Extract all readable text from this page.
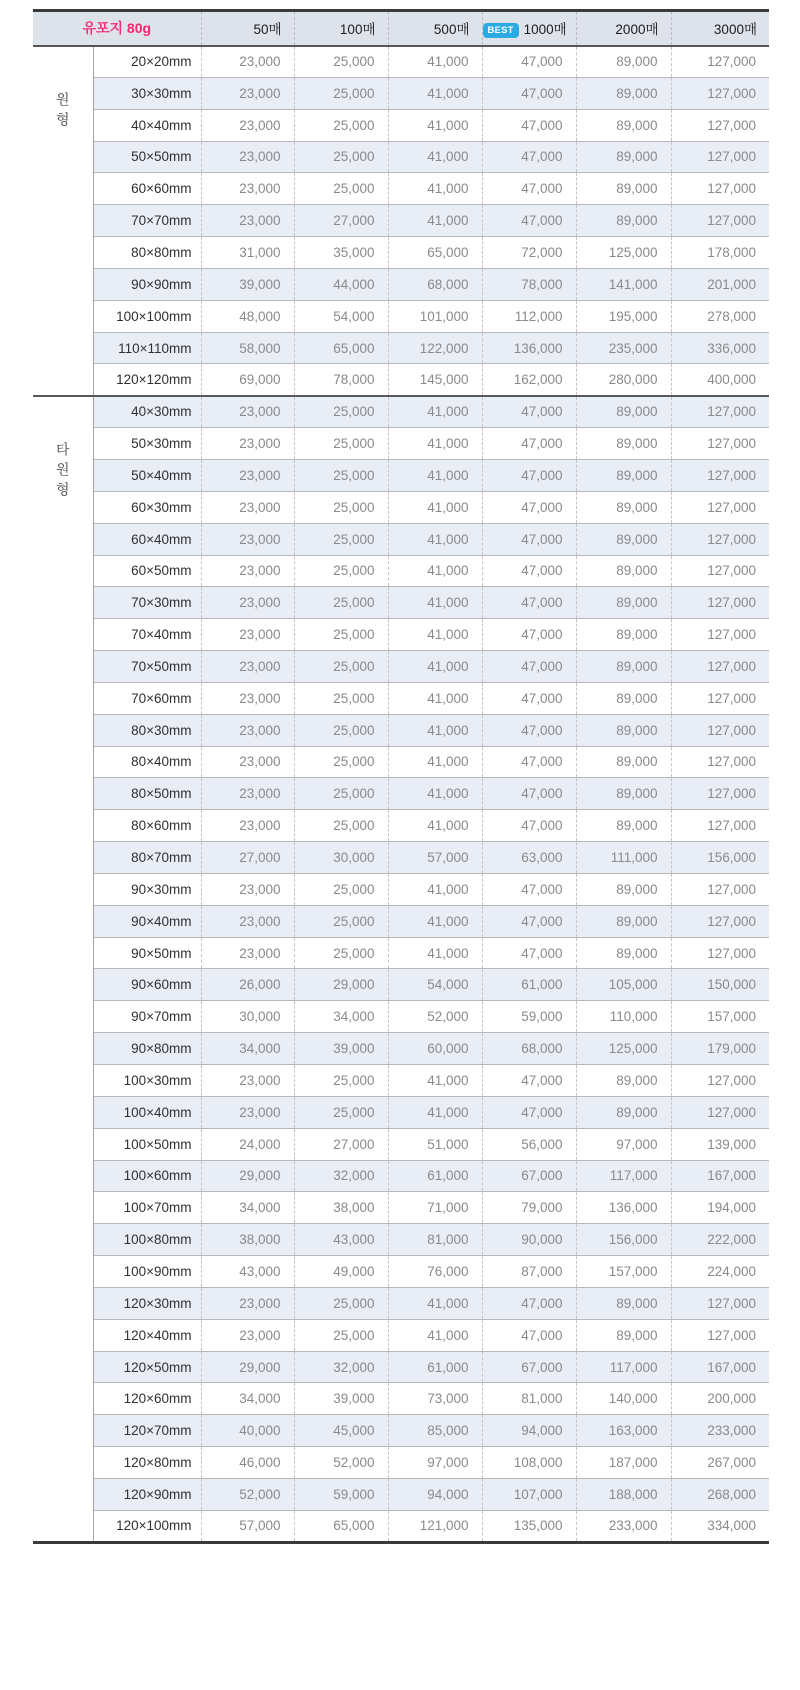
유포지 80g		50매	100매	500매	BEST 1000매	2000매	3000매
원형	20×20mm	23,000	25,000	41,000	47,000	89,000	127,000
	30×30mm	23,000	25,000	41,000	47,000	89,000	127,000
	40×40mm	23,000	25,000	41,000	47,000	89,000	127,000
	50×50mm	23,000	25,000	41,000	47,000	89,000	127,000
	60×60mm	23,000	25,000	41,000	47,000	89,000	127,000
	70×70mm	23,000	27,000	41,000	47,000	89,000	127,000
	80×80mm	31,000	35,000	65,000	72,000	125,000	178,000
	90×90mm	39,000	44,000	68,000	78,000	141,000	201,000
	100×100mm	48,000	54,000	101,000	112,000	195,000	278,000
	110×110mm	58,000	65,000	122,000	136,000	235,000	336,000
	120×120mm	69,000	78,000	145,000	162,000	280,000	400,000
타원형	40×30mm	23,000	25,000	41,000	47,000	89,000	127,000
	50×30mm	23,000	25,000	41,000	47,000	89,000	127,000
	50×40mm	23,000	25,000	41,000	47,000	89,000	127,000
	60×30mm	23,000	25,000	41,000	47,000	89,000	127,000
	60×40mm	23,000	25,000	41,000	47,000	89,000	127,000
	60×50mm	23,000	25,000	41,000	47,000	89,000	127,000
	70×30mm	23,000	25,000	41,000	47,000	89,000	127,000
	70×40mm	23,000	25,000	41,000	47,000	89,000	127,000
	70×50mm	23,000	25,000	41,000	47,000	89,000	127,000
	70×60mm	23,000	25,000	41,000	47,000	89,000	127,000
	80×30mm	23,000	25,000	41,000	47,000	89,000	127,000
	80×40mm	23,000	25,000	41,000	47,000	89,000	127,000
	80×50mm	23,000	25,000	41,000	47,000	89,000	127,000
	80×60mm	23,000	25,000	41,000	47,000	89,000	127,000
	80×70mm	27,000	30,000	57,000	63,000	111,000	156,000
	90×30mm	23,000	25,000	41,000	47,000	89,000	127,000
	90×40mm	23,000	25,000	41,000	47,000	89,000	127,000
	90×50mm	23,000	25,000	41,000	47,000	89,000	127,000
	90×60mm	26,000	29,000	54,000	61,000	105,000	150,000
	90×70mm	30,000	34,000	52,000	59,000	110,000	157,000
	90×80mm	34,000	39,000	60,000	68,000	125,000	179,000
	100×30mm	23,000	25,000	41,000	47,000	89,000	127,000
	100×40mm	23,000	25,000	41,000	47,000	89,000	127,000
	100×50mm	24,000	27,000	51,000	56,000	97,000	139,000
	100×60mm	29,000	32,000	61,000	67,000	117,000	167,000
	100×70mm	34,000	38,000	71,000	79,000	136,000	194,000
	100×80mm	38,000	43,000	81,000	90,000	156,000	222,000
	100×90mm	43,000	49,000	76,000	87,000	157,000	224,000
	120×30mm	23,000	25,000	41,000	47,000	89,000	127,000
	120×40mm	23,000	25,000	41,000	47,000	89,000	127,000
	120×50mm	29,000	32,000	61,000	67,000	117,000	167,000
	120×60mm	34,000	39,000	73,000	81,000	140,000	200,000
	120×70mm	40,000	45,000	85,000	94,000	163,000	233,000
	120×80mm	46,000	52,000	97,000	108,000	187,000	267,000
	120×90mm	52,000	59,000	94,000	107,000	188,000	268,000
	120×100mm	57,000	65,000	121,000	135,000	233,000	334,000
